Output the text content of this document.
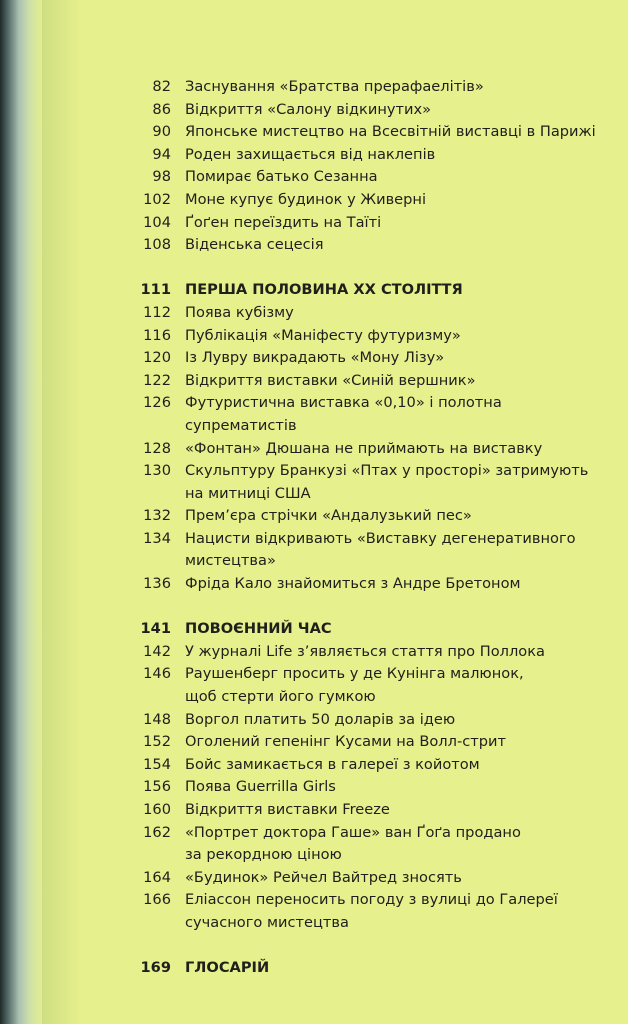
82 Заснування «Братства прерафаелітів»
86 Відкриття «Салону відкинутих»
90 Японське мистецтво на Всесвітній виставці в Парижі
94 Роден захищається від наклепів
98 Помирає батько Сезанна
102 Моне купує будинок у Живерні
104 Ґоґен переїздить на Таїті
108 Віденська сецесія
111 ПЕРША ПОЛОВИНА ХХ СТОЛІТТЯ
112 Поява кубізму
116 Публікація «Маніфесту футуризму»
120 Із Лувру викрадають «Мону Лізу»
122 Відкриття виставки «Синій вершник»
126 Футуристична виставка «0,10» і полотна
супрематистів
128 «Фонтан» Дюшана не приймають на виставку
130 Скульптуру Бранкузі «Птах у просторі» затримують
на митниці США
132 Прем’єра стрічки «Андалузький пес»
134 Нацисти відкривають «Виставку дегенеративного
мистецтва»
136 Фріда Кало знайомиться з Андре Бретоном
141 ПОВОЄННИЙ ЧАС
142 У журналі Life з’являється стаття про Поллока
146 Раушенберг просить у де Кунінга малюнок,
щоб стерти його гумкою
148 Воргол платить 50 доларів за ідею
152 Оголений гепенінг Кусами на Волл-стрит
154 Бойс замикається в галереї з койотом
156 Поява Guerrilla Girls
160 Відкриття виставки Freeze
162 «Портрет доктора Гаше» ван Ґоґа продано
за рекордною ціною
164 «Будинок» Рейчел Вайтред зносять
166 Еліассон переносить погоду з вулиці до Галереї
сучасного мистецтва
169 ГЛОСАРІЙ
